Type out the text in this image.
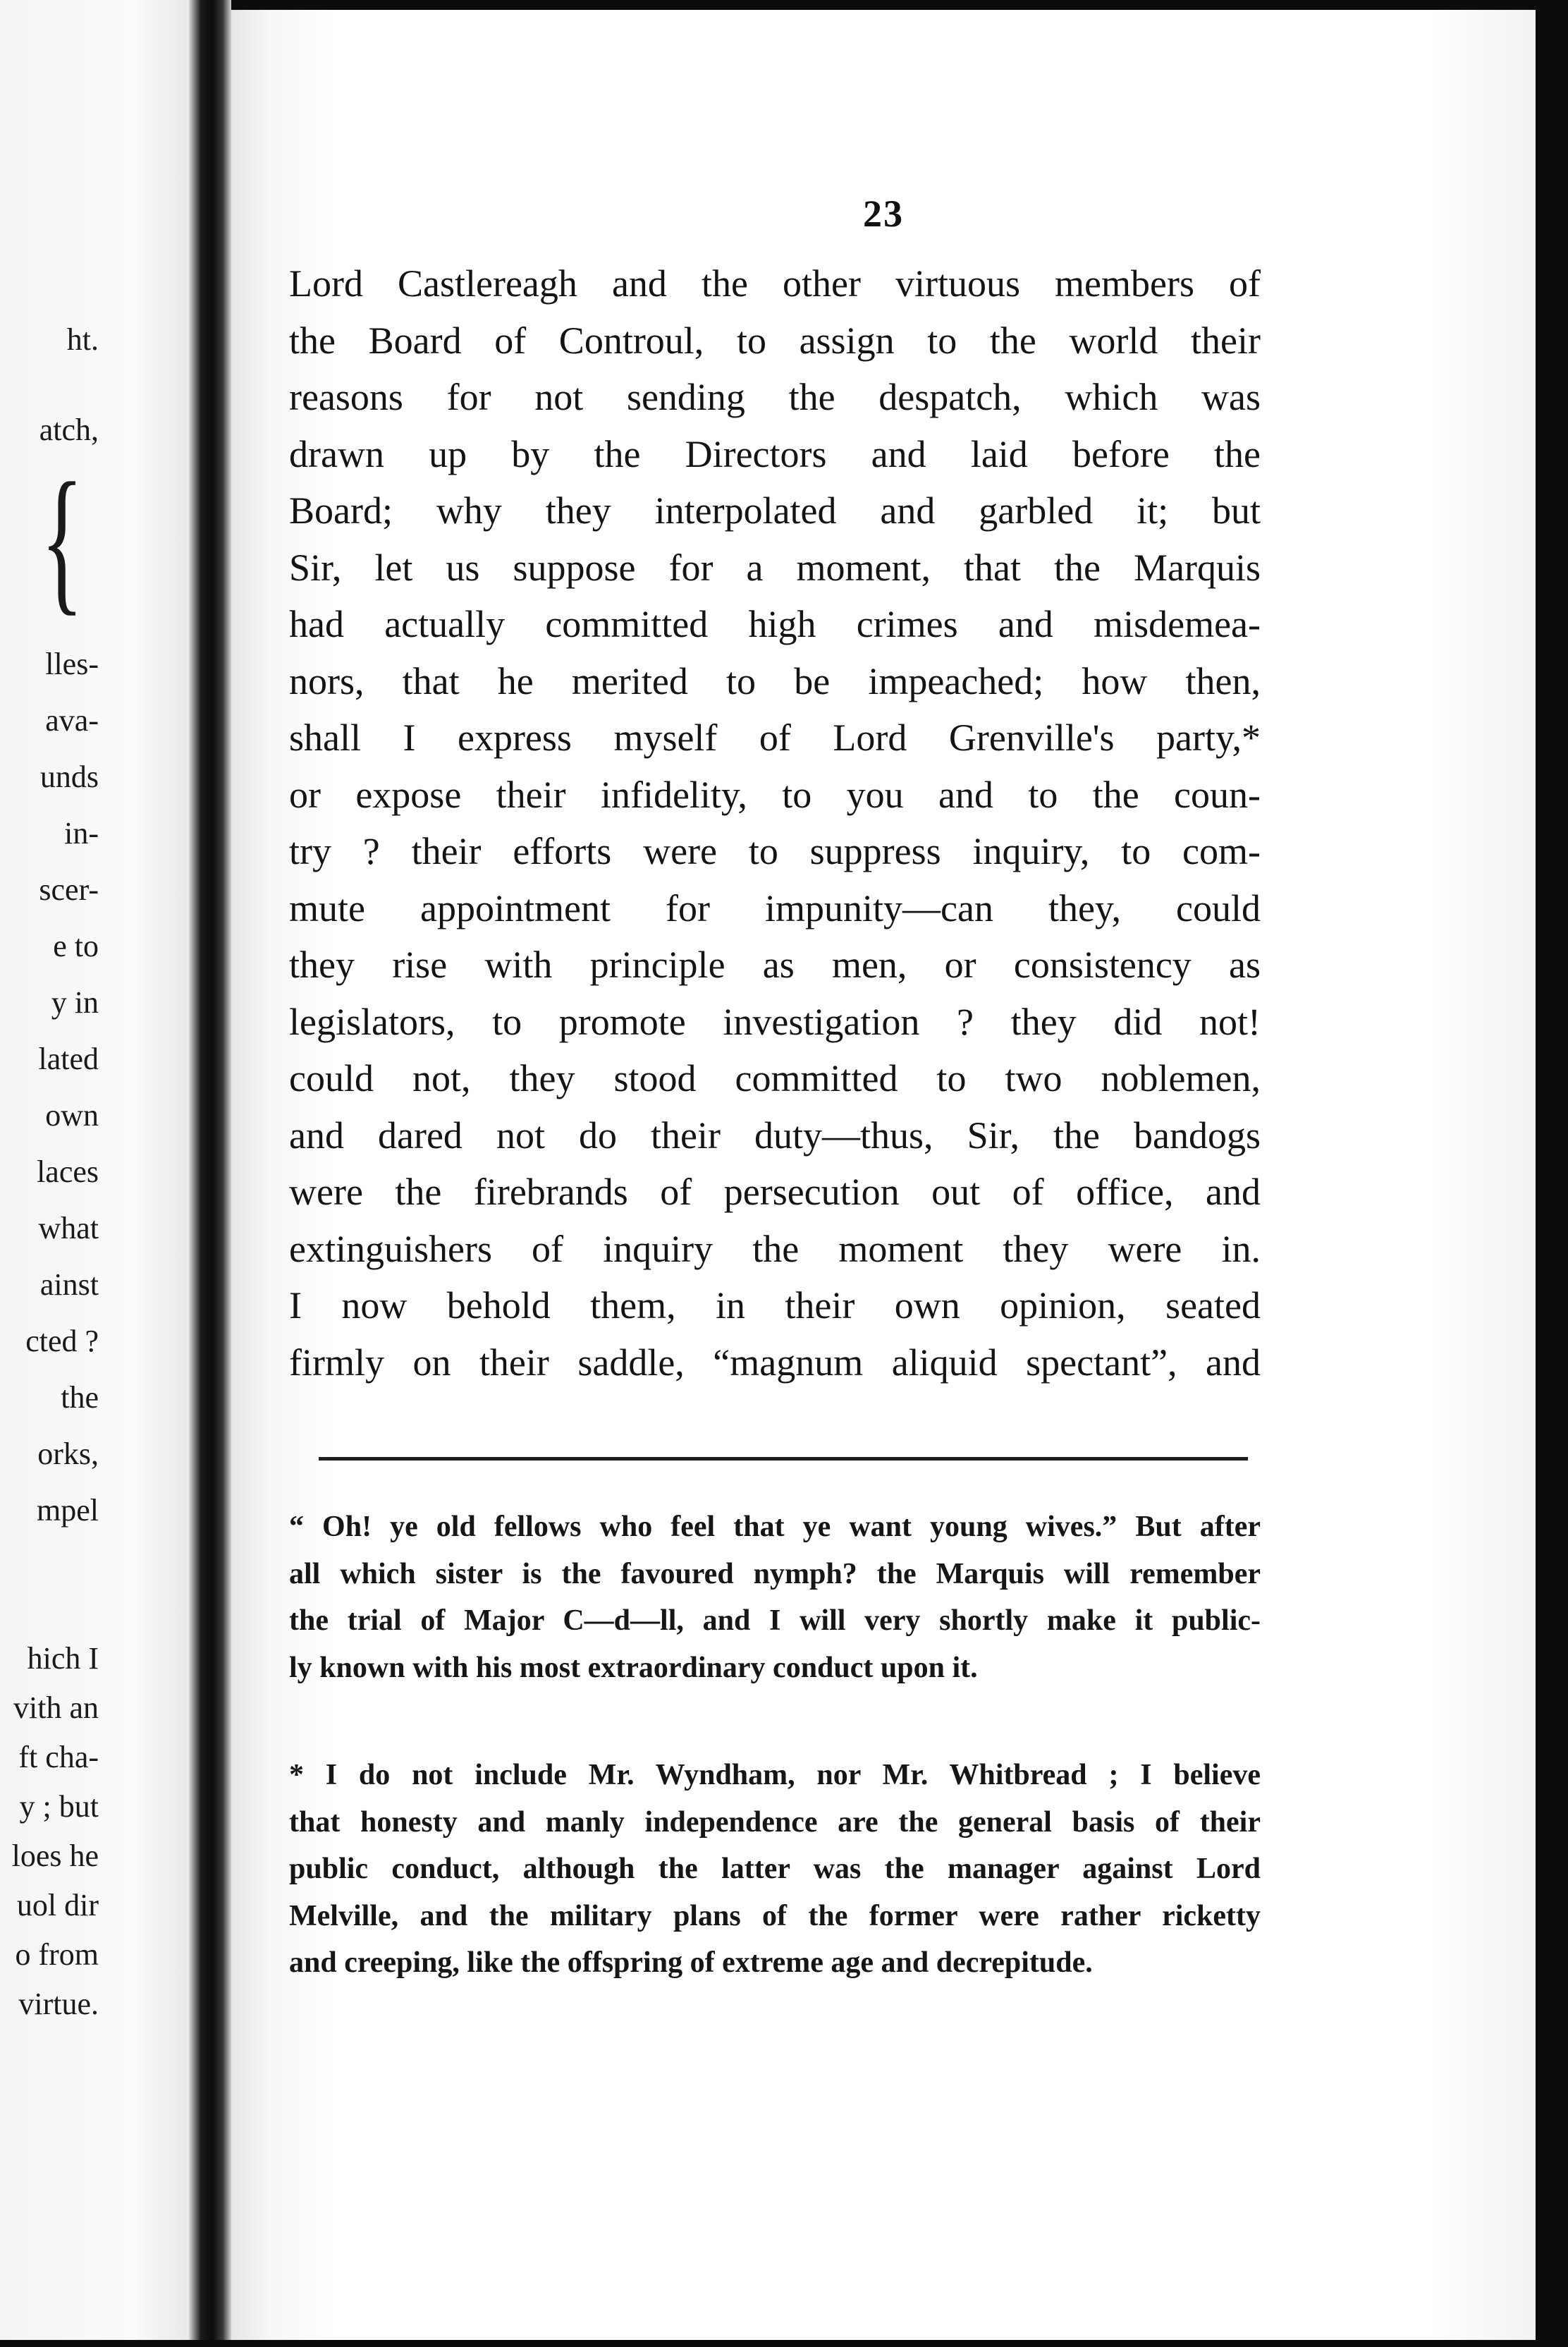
ht.
atch,
{
lles-
ava-
unds
in-
scer-
e to
y in
lated
own
laces
what
ainst
cted ?
the
orks,
mpel
hich I
vith an
ft cha-
y ; but
loes he
uol dir
o from
virtue.
23
Lord Castlereagh and the other virtuous members of
the Board of Controul, to assign to the world their
reasons for not sending the despatch, which was
drawn up by the Directors and laid before the
Board; why they interpolated and garbled it; but
Sir, let us suppose for a moment, that the Marquis
had actually committed high crimes and misdemea-
nors, that he merited to be impeached; how then,
shall I express myself of Lord Grenville's party,*
or expose their infidelity, to you and to the coun-
try ? their efforts were to suppress inquiry, to com-
mute appointment for impunity—can they, could
they rise with principle as men, or consistency as
legislators, to promote investigation ? they did not!
could not, they stood committed to two noblemen,
and dared not do their duty—thus, Sir, the bandogs
were the firebrands of persecution out of office, and
extinguishers of inquiry the moment they were in.
I now behold them, in their own opinion, seated
firmly on their saddle, “magnum aliquid spectant”, and
“ Oh! ye old fellows who feel that ye want young wives.” But after
all which sister is the favoured nymph? the Marquis will remember
the trial of Major C—d—ll, and I will very shortly make it public-
ly known with his most extraordinary conduct upon it.
* I do not include Mr. Wyndham, nor Mr. Whitbread ; I believe
that honesty and manly independence are the general basis of their
public conduct, although the latter was the manager against Lord
Melville, and the military plans of the former were rather ricketty
and creeping, like the offspring of extreme age and decrepitude.
